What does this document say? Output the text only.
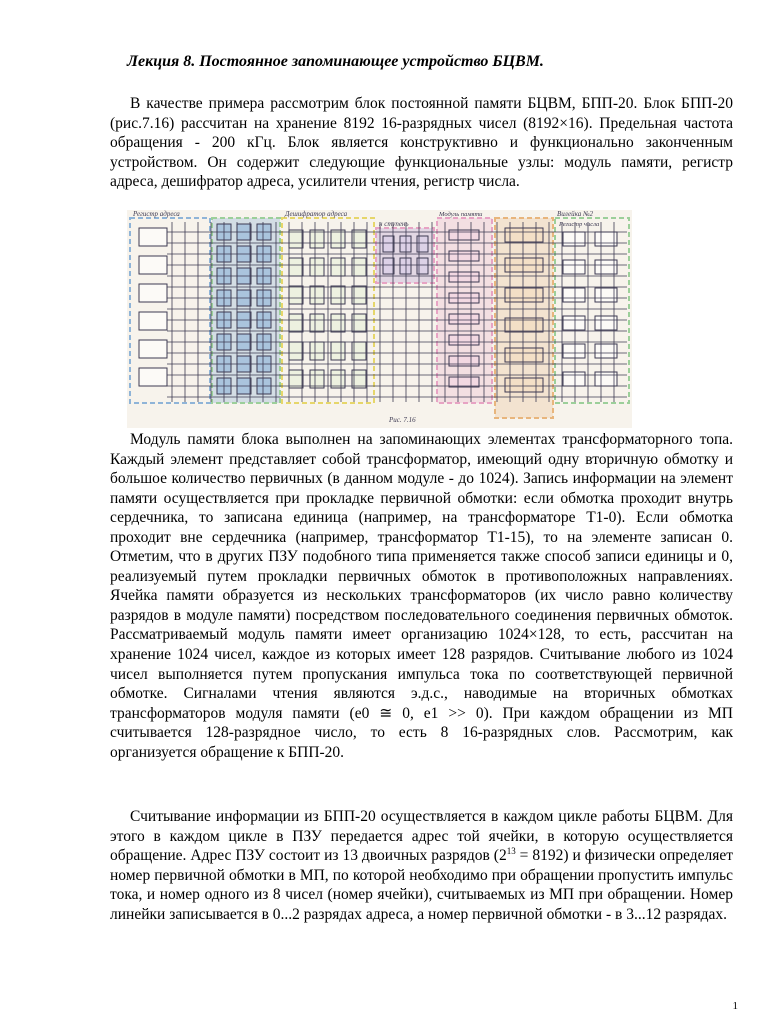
Лекция 8. Постоянное запоминающее устройство БЦВМ.
В качестве примера рассмотрим блок постоянной памяти БЦВМ, БПП-20. Блок БПП-20 (рис.7.16) рассчитан на хранение 8192 16-разрядных чисел (8192×16). Предельная частота обращения - 200 кГц. Блок является конструктивно и функционально законченным устройством. Он содержит следующие функциональные узлы: модуль памяти, регистр адреса, дешифратор адреса, усилители чтения, регистр числа.
Регистр адреса	Дешифратор адреса
н ступень
Модуль памяти
Регистр числа
Вилейка №2
Рис. 7.16
Модуль памяти блока выполнен на запоминающих элементах трансформаторного топа. Каждый элемент представляет собой трансформатор, имеющий одну вторичную обмотку и большое количество первичных (в данном модуле - до 1024). Запись информации на элемент памяти осуществляется при прокладке первичной обмотки: если обмотка проходит внутрь сердечника, то записана единица (например, на трансформаторе Т1-0). Если обмотка проходит вне сердечника (например, трансформатор Т1-15), то на элементе записан 0. Отметим, что в других ПЗУ подобного типа применяется также способ записи единицы и 0, реализуемый путем прокладки первичных обмоток в противоположных направлениях. Ячейка памяти образуется из нескольких трансформаторов (их число равно количеству разрядов в модуле памяти) посредством последовательного соединения первичных обмоток. Рассматриваемый модуль памяти имеет организацию 1024×128, то есть, рассчитан на хранение 1024 чисел, каждое из которых имеет 128 разрядов. Считывание любого из 1024 чисел выполняется путем пропускания импульса тока по соответствующей первичной обмотке. Сигналами чтения являются э.д.с., наводимые на вторичных обмотках трансформаторов модуля памяти (е0 ≅ 0, е1 >> 0). При каждом обращении из МП считывается 128-разрядное число, то есть 8 16-разрядных слов. Рассмотрим, как организуется обращение к БПП-20.
Считывание информации из БПП-20 осуществляется в каждом цикле работы БЦВМ. Для этого в каждом цикле в ПЗУ передается адрес той ячейки, в которую осуществляется обращение. Адрес ПЗУ состоит из 13 двоичных разрядов $(2^{13} = 8192)$ и физически определяет номер первичной обмотки в МП, по которой необходимо при обращении пропустить импульс тока, и номер одного из 8 чисел (номер ячейки), считываемых из МП при обращении. Номер линейки записывается в 0...2 разрядах адреса, а номер первичной обмотки - в 3...12 разрядах.
1
